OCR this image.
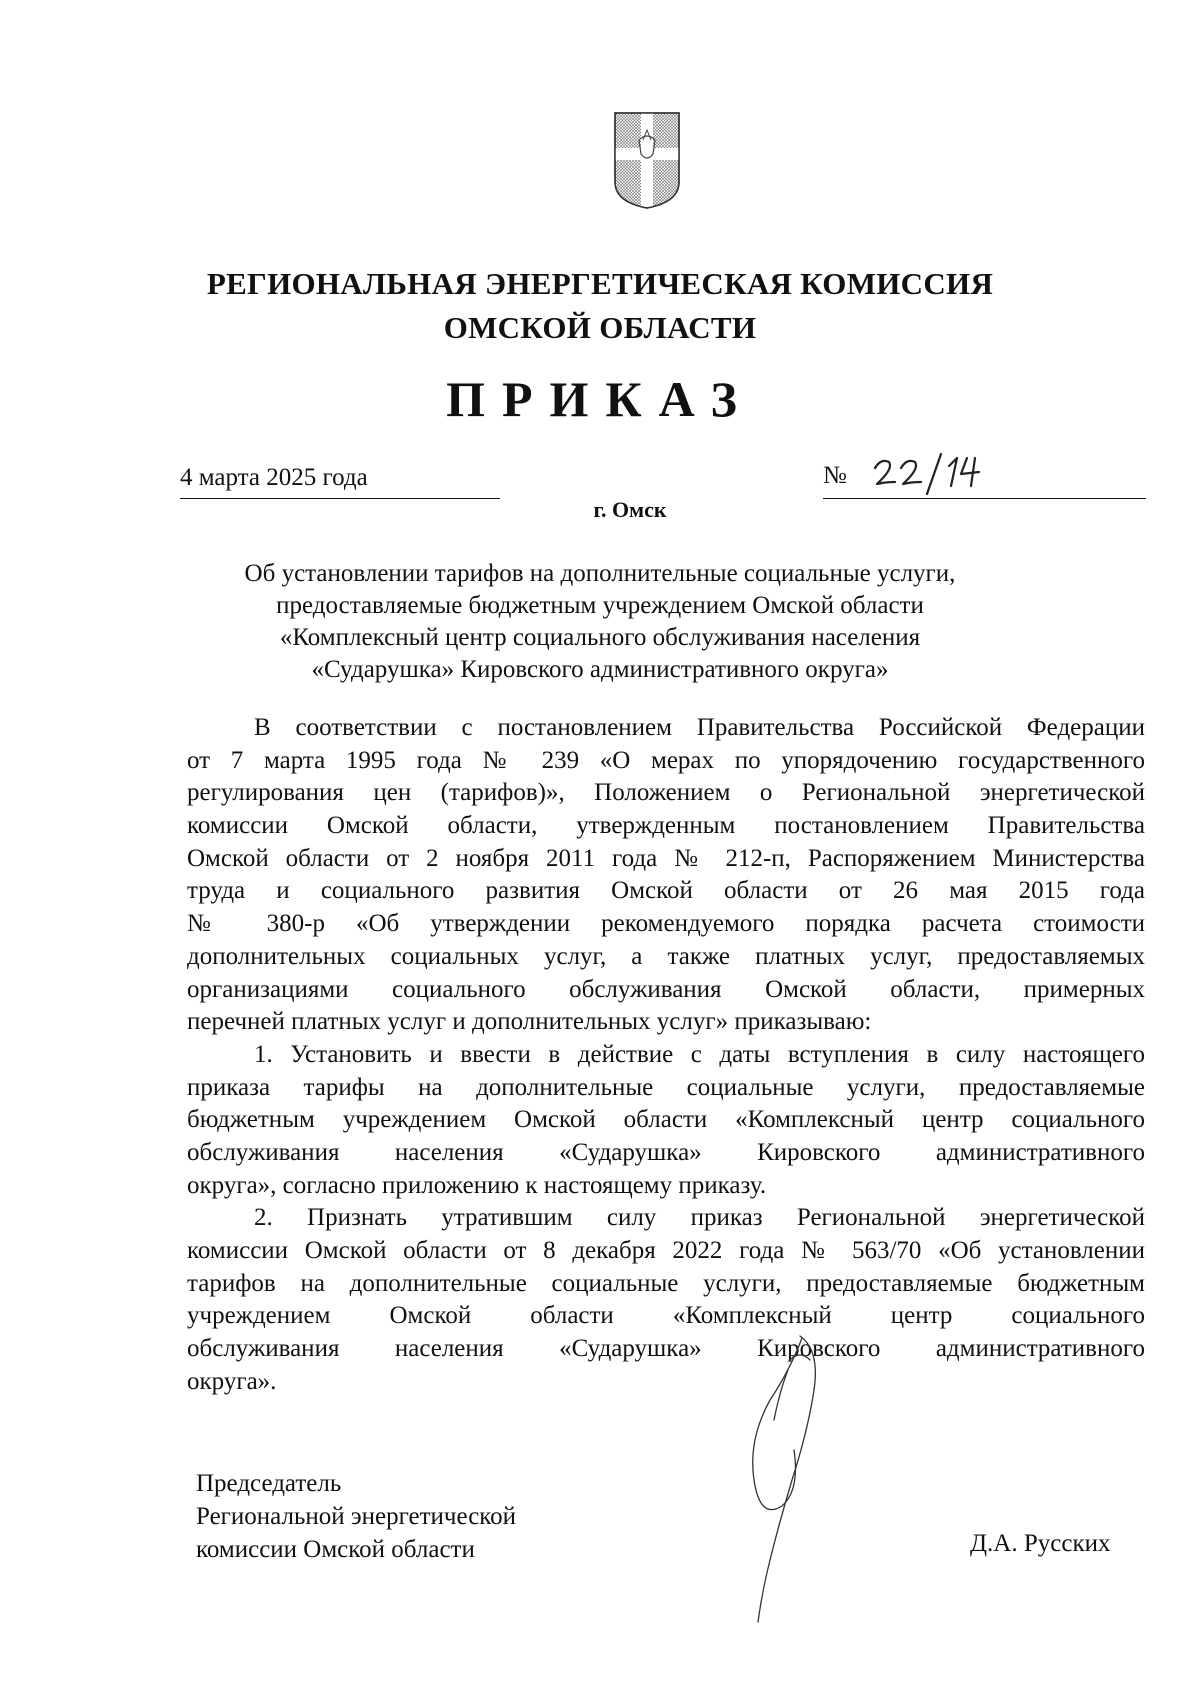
РЕГИОНАЛЬНАЯ ЭНЕРГЕТИЧЕСКАЯ КОМИССИЯ
ОМСКОЙ ОБЛАСТИ
ПРИКАЗ
4 марта 2025 года	№
г. Омск
Об установлении тарифов на дополнительные социальные услуги,
предоставляемые бюджетным учреждением Омской области
«Комплексный центр социального обслуживания населения
«Сударушка» Кировского административного округа»
В соответствии с постановлением Правительства Российской Федерации
от 7 марта 1995 года № 239 «О мерах по упорядочению государственного
регулирования цен (тарифов)», Положением о Региональной энергетической
комиссии Омской области, утвержденным постановлением Правительства
Омской области от 2 ноября 2011 года № 212-п, Распоряжением Министерства
труда и социального развития Омской области от 26 мая 2015 года
№ 380-р «Об утверждении рекомендуемого порядка расчета стоимости
дополнительных социальных услуг, а также платных услуг, предоставляемых
организациями социального обслуживания Омской области, примерных
перечней платных услуг и дополнительных услуг» приказываю:
1. Установить и ввести в действие с даты вступления в силу настоящего
приказа тарифы на дополнительные социальные услуги, предоставляемые
бюджетным учреждением Омской области «Комплексный центр социального
обслуживания населения «Сударушка» Кировского административного
округа», согласно приложению к настоящему приказу.
2. Признать утратившим силу приказ Региональной энергетической
комиссии Омской области от 8 декабря 2022 года № 563/70 «Об установлении
тарифов на дополнительные социальные услуги, предоставляемые бюджетным
учреждением Омской области «Комплексный центр социального
обслуживания населения «Сударушка» Кировского административного
округа».
Председатель
Региональной энергетической
комиссии Омской области	Д.А. Русских
